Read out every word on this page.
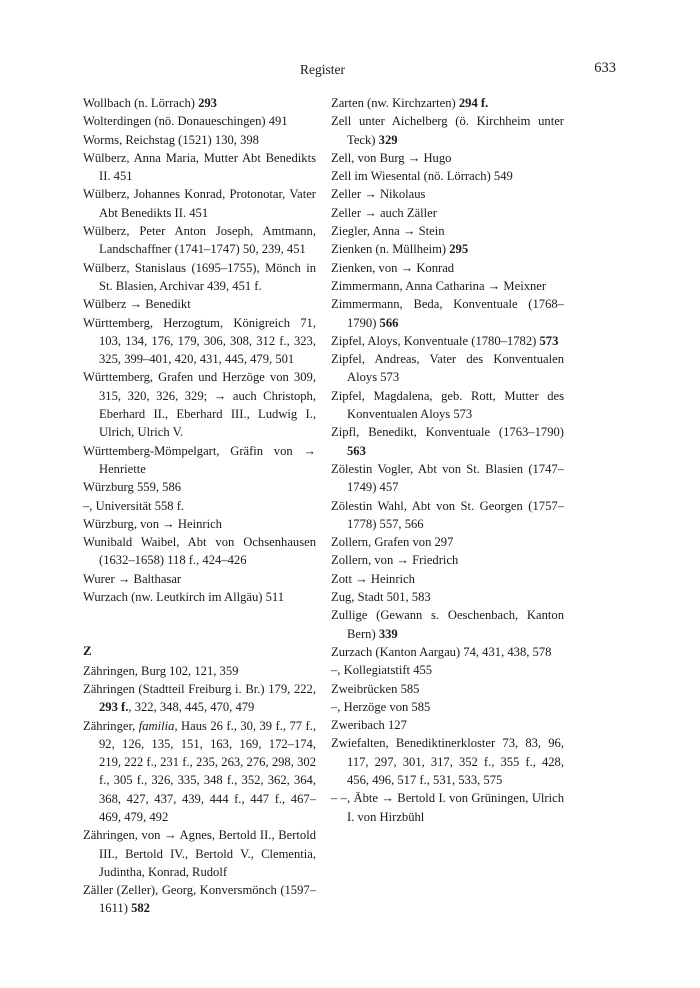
Register	633

Wollbach (n. Lörrach) 293

Wolterdingen (nö. Donaueschingen) 491

Worms, Reichstag (1521) 130, 398

Wülberz, Anna Maria, Mutter Abt Benedikts II. 451

Wülberz, Johannes Konrad, Protonotar, Vater Abt Benedikts II. 451

Wülberz, Peter Anton Joseph, Amtmann, Landschaffner (1741–1747) 50, 239, 451

Wülberz, Stanislaus (1695–1755), Mönch in St. Blasien, Archivar 439, 451 f.

Wülberz → Benedikt

Württemberg, Herzogtum, Königreich 71, 103, 134, 176, 179, 306, 308, 312 f., 323, 325, 399–401, 420, 431, 445, 479, 501

Württemberg, Grafen und Herzöge von 309, 315, 320, 326, 329; → auch Christoph, Eberhard II., Eberhard III., Ludwig I., Ulrich, Ulrich V.

Württemberg-Mömpelgart, Gräfin von → Henriette

Würzburg 559, 586

–, Universität 558 f.

Würzburg, von → Heinrich

Wunibald Waibel, Abt von Ochsenhausen (1632–1658) 118 f., 424–426

Wurer → Balthasar

Wurzach (nw. Leutkirch im Allgäu) 511

Z

Zähringen, Burg 102, 121, 359

Zähringen (Stadtteil Freiburg i. Br.) 179, 222, 293 f., 322, 348, 445, 470, 479

Zähringer, familia, Haus 26 f., 30, 39 f., 77 f., 92, 126, 135, 151, 163, 169, 172–174, 219, 222 f., 231 f., 235, 263, 276, 298, 302 f., 305 f., 326, 335, 348 f., 352, 362, 364, 368, 427, 437, 439, 444 f., 447 f., 467–469, 479, 492

Zähringen, von → Agnes, Bertold II., Bertold III., Bertold IV., Bertold V., Clementia, Judintha, Konrad, Rudolf

Zäller (Zeller), Georg, Konversmönch (1597–1611) 582

Zarten (nw. Kirchzarten) 294 f.

Zell unter Aichelberg (ö. Kirchheim unter Teck) 329

Zell, von Burg → Hugo

Zell im Wiesental (nö. Lörrach) 549

Zeller → Nikolaus

Zeller → auch Zäller

Ziegler, Anna → Stein

Zienken (n. Müllheim) 295

Zienken, von → Konrad

Zimmermann, Anna Catharina → Meixner

Zimmermann, Beda, Konventuale (1768–1790) 566

Zipfel, Aloys, Konventuale (1780–1782) 573

Zipfel, Andreas, Vater des Konventualen Aloys 573

Zipfel, Magdalena, geb. Rott, Mutter des Konventualen Aloys 573

Zipfl, Benedikt, Konventuale (1763–1790) 563

Zölestin Vogler, Abt von St. Blasien (1747–1749) 457

Zölestin Wahl, Abt von St. Georgen (1757–1778) 557, 566

Zollern, Grafen von 297

Zollern, von → Friedrich

Zott → Heinrich

Zug, Stadt 501, 583

Zullige (Gewann s. Oeschenbach, Kanton Bern) 339

Zurzach (Kanton Aargau) 74, 431, 438, 578

–, Kollegiatstift 455

Zweibrücken 585

–, Herzöge von 585

Zweribach 127

Zwiefalten, Benediktinerkloster 73, 83, 96, 117, 297, 301, 317, 352 f., 355 f., 428, 456, 496, 517 f., 531, 533, 575

– –, Äbte → Bertold I. von Grüningen, Ulrich I. von Hirzbühl
